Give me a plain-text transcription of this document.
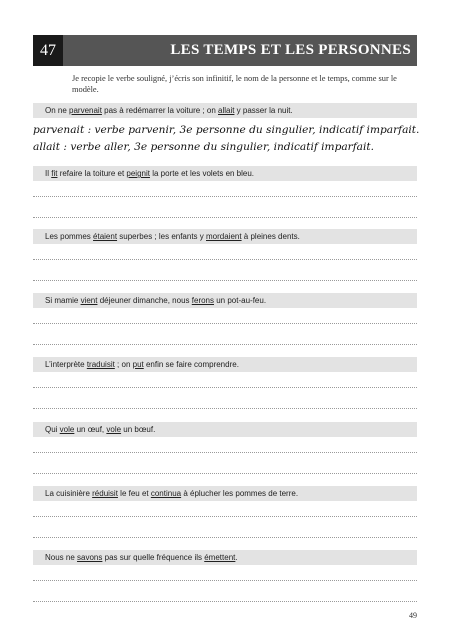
47	LES TEMPS ET LES PERSONNES
Je recopie le verbe souligné, j’écris son infinitif, le nom de la personne et le temps, comme sur le modèle.
On ne parvenait pas à redémarrer la voiture ; on allait y passer la nuit.
parvenait : verbe parvenir, 3e personne du singulier, indicatif imparfait.
allait : verbe aller, 3e personne du singulier, indicatif imparfait.
Il fit refaire la toiture et peignit la porte et les volets en bleu.
Les pommes étaient superbes ; les enfants y mordaient à pleines dents.
Si mamie vient déjeuner dimanche, nous ferons un pot-au-feu.
L’interprète traduisit ; on put enfin se faire comprendre.
Qui vole un œuf, vole un bœuf.
La cuisinière réduisit le feu et continua à éplucher les pommes de terre.
Nous ne savons pas sur quelle fréquence ils émettent.
49
